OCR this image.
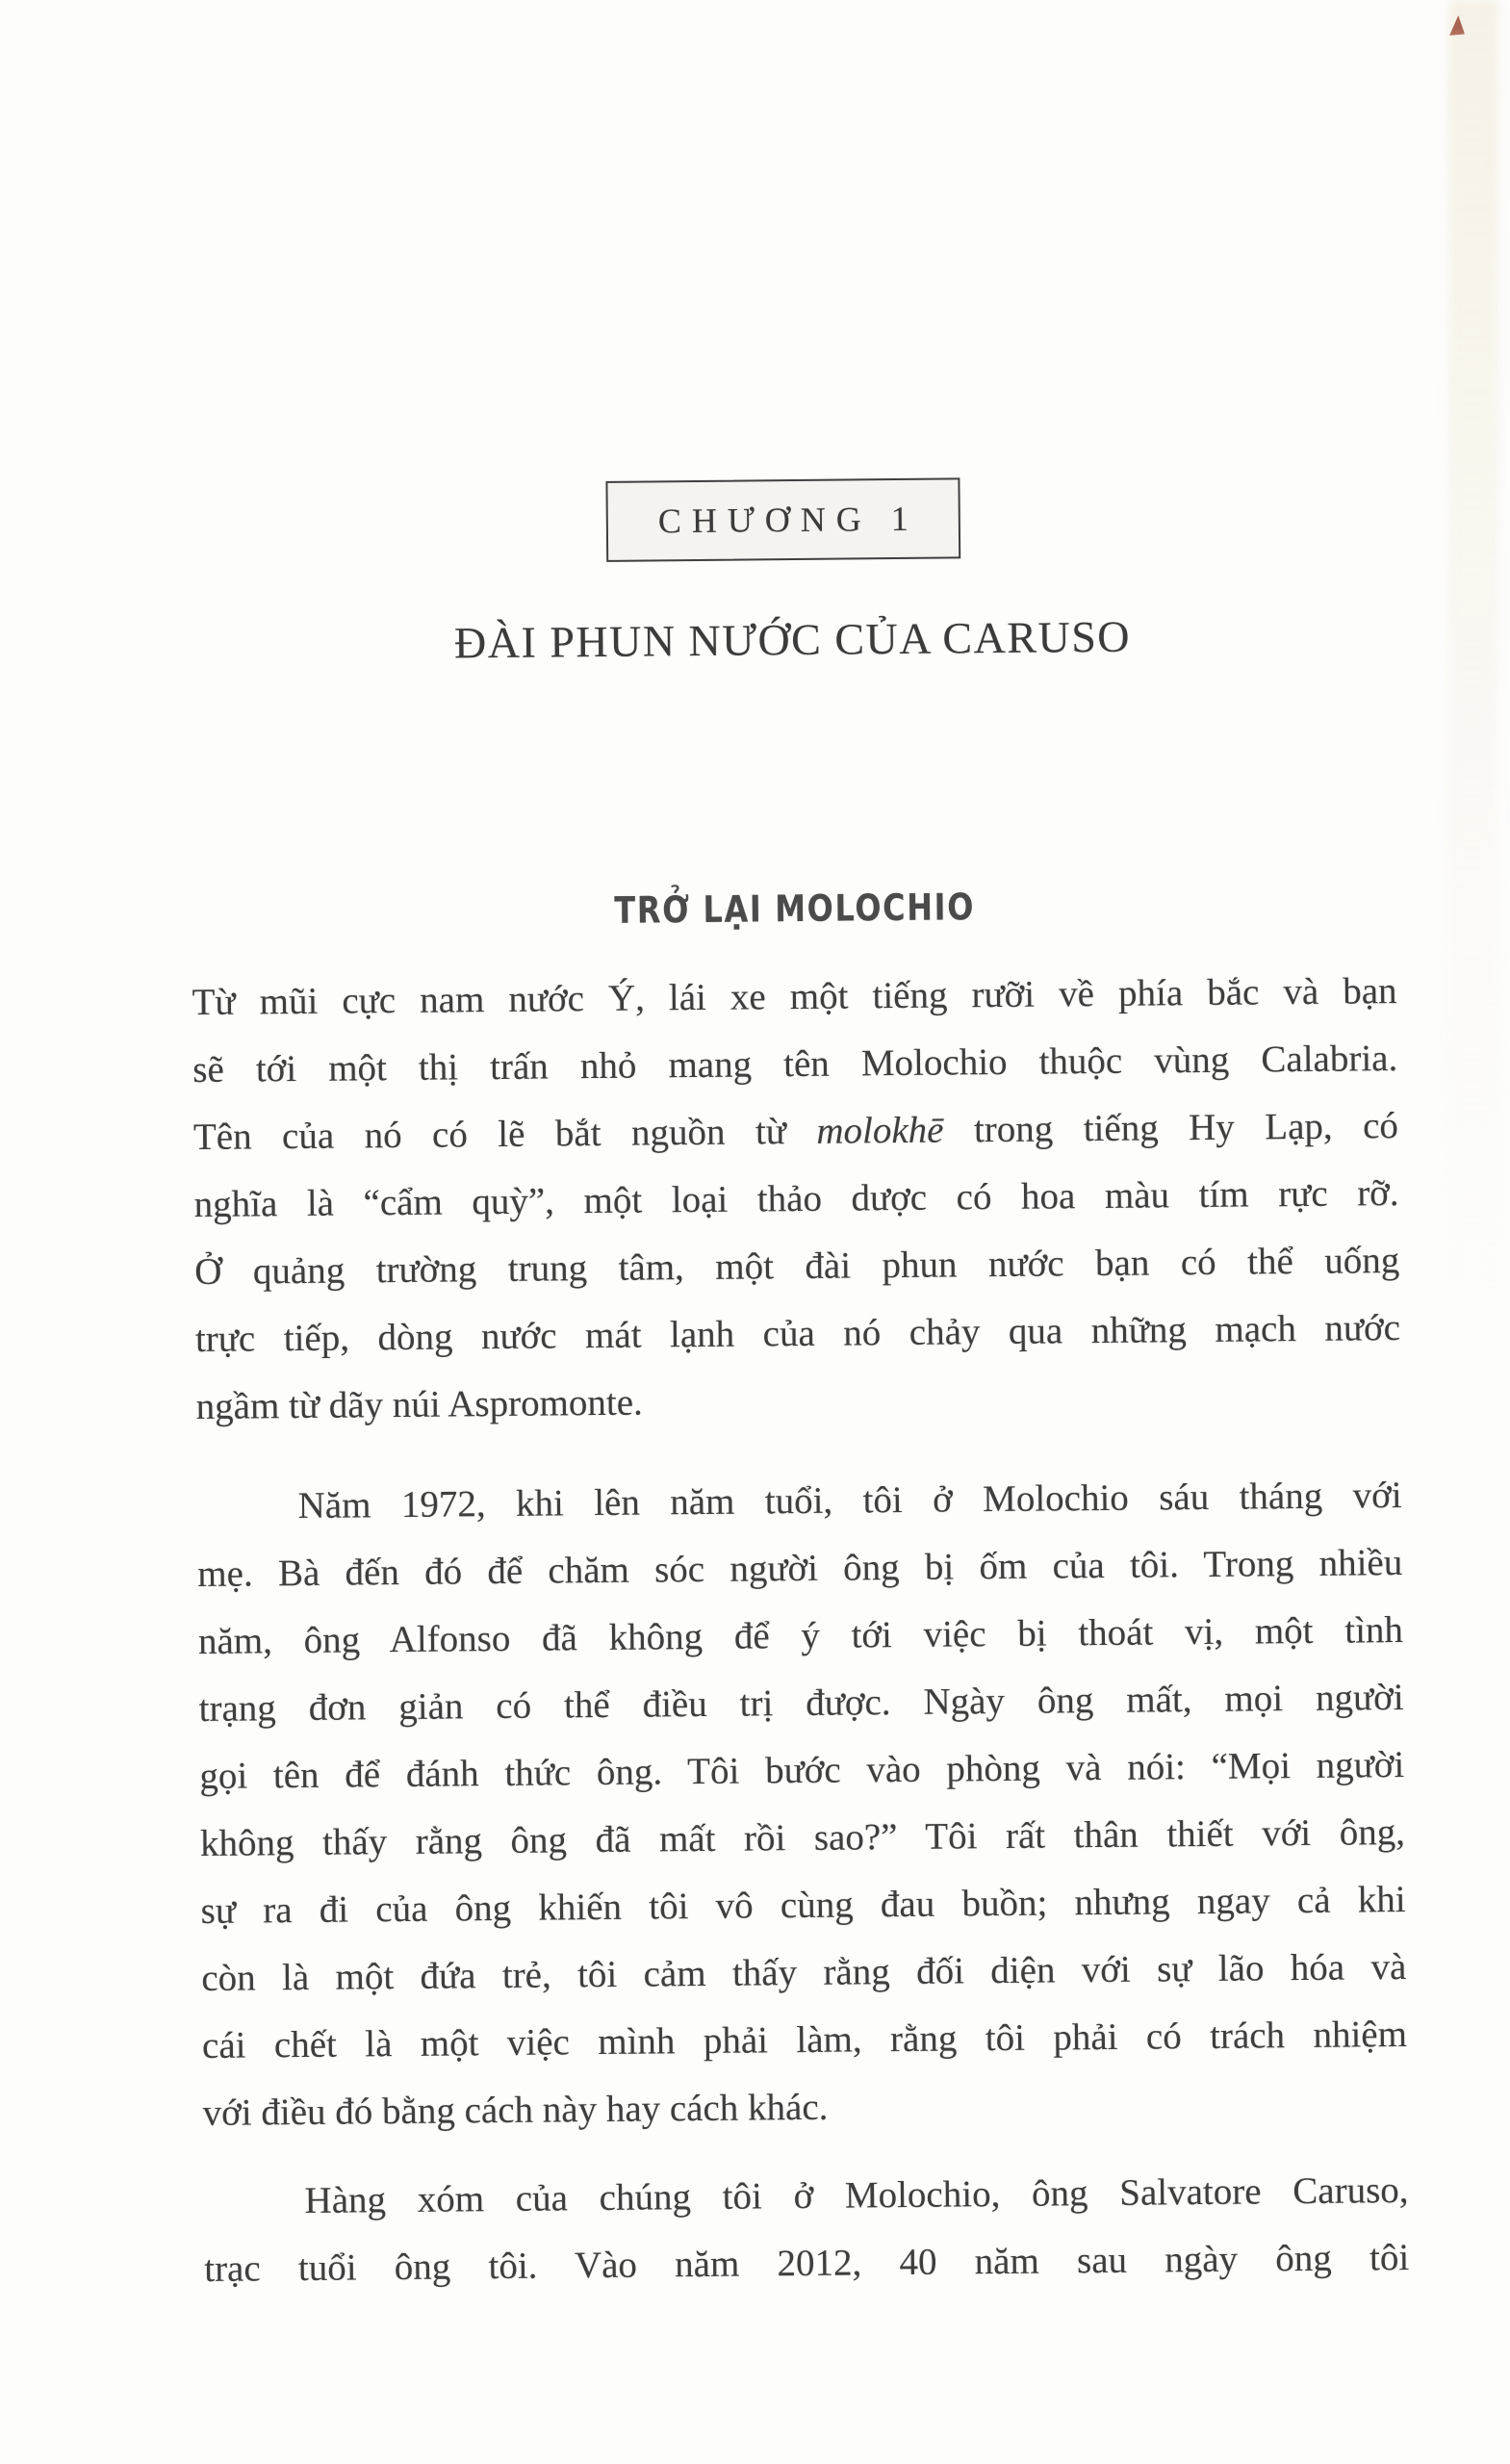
CHƯƠNG 1
ĐÀI PHUN NƯỚC CỦA CARUSO
TRỞ LẠI MOLOCHIO
Từ mũi cực nam nước Ý, lái xe một tiếng rưỡi về phía bắc và bạn
sẽ tới một thị trấn nhỏ mang tên Molochio thuộc vùng Calabria.
Tên của nó có lẽ bắt nguồn từ molokhē trong tiếng Hy Lạp, có
nghĩa là “cẩm quỳ”, một loại thảo dược có hoa màu tím rực rỡ.
Ở quảng trường trung tâm, một đài phun nước bạn có thể uống
trực tiếp, dòng nước mát lạnh của nó chảy qua những mạch nước
ngầm từ dãy núi Aspromonte.
Năm 1972, khi lên năm tuổi, tôi ở Molochio sáu tháng với
mẹ. Bà đến đó để chăm sóc người ông bị ốm của tôi. Trong nhiều
năm, ông Alfonso đã không để ý tới việc bị thoát vị, một tình
trạng đơn giản có thể điều trị được. Ngày ông mất, mọi người
gọi tên để đánh thức ông. Tôi bước vào phòng và nói: “Mọi người
không thấy rằng ông đã mất rồi sao?” Tôi rất thân thiết với ông,
sự ra đi của ông khiến tôi vô cùng đau buồn; nhưng ngay cả khi
còn là một đứa trẻ, tôi cảm thấy rằng đối diện với sự lão hóa và
cái chết là một việc mình phải làm, rằng tôi phải có trách nhiệm
với điều đó bằng cách này hay cách khác.
Hàng xóm của chúng tôi ở Molochio, ông Salvatore Caruso,
trạc tuổi ông tôi. Vào năm 2012, 40 năm sau ngày ông tôi
